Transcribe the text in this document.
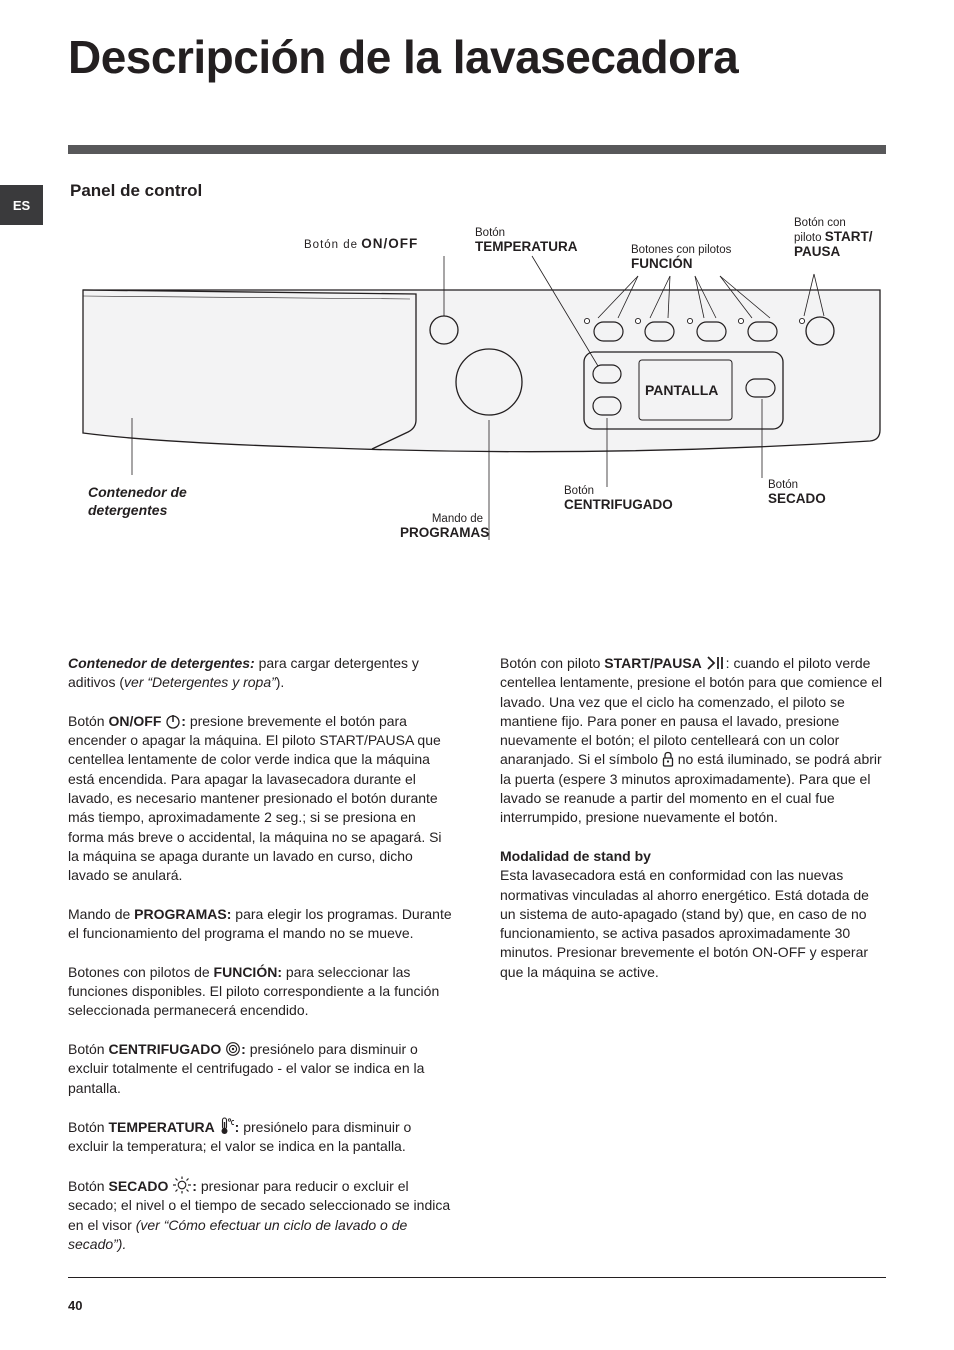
Descripción de la lavasecadora
ES
Panel de control
Botón de ON/OFF
Botón
TEMPERATURA	Botones con pilotos
FUNCIÓN
Botón con
piloto START/
PAUSA
PANTALLA
Contenedor de
detergentes
Mando de
PROGRAMAS
Botón
CENTRIFUGADO
Botón
SECADO

Contenedor de detergentes: para cargar detergentes y aditivos (ver “Detergentes y ropa”).

Botón ON/OFF : presione brevemente el botón para encender o apagar la máquina. El piloto START/PAUSA que centellea lentamente de color verde indica que la máquina está encendida. Para apagar la lavasecadora durante el lavado, es necesario mantener presionado el botón durante más tiempo, aproximadamente 2 seg.; si se presiona en forma más breve o accidental, la máquina no se apagará. Si la máquina se apaga durante un lavado en curso, dicho lavado se anulará.

Mando de PROGRAMAS: para elegir los programas. Durante el funcionamiento del programa el mando no se mueve.

Botones con pilotos de FUNCIÓN: para seleccionar las funciones disponibles. El piloto correspondiente a la función seleccionada permanecerá encendido.

Botón CENTRIFUGADO : presiónelo para disminuir o excluir totalmente el centrifugado - el valor se indica en la pantalla.

Botón TEMPERATURA : presiónelo para disminuir o excluir la temperatura; el valor se indica en la pantalla.

Botón SECADO : presionar para reducir o excluir el secado; el nivel o el tiempo de secado seleccionado se indica en el visor (ver “Cómo efectuar un ciclo de lavado o de secado”).

Botón con piloto START/PAUSA : cuando el piloto verde centellea lentamente, presione el botón para que comience el lavado. Una vez que el ciclo ha comenzado, el piloto se mantiene fijo. Para poner en pausa el lavado, presione nuevamente el botón; el piloto centelleará con un color anaranjado. Si el símbolo  no está iluminado, se podrá abrir la puerta (espere 3 minutos aproximadamente). Para que el lavado se reanude a partir del momento en el cual fue interrumpido, presione nuevamente el botón.

Modalidad de stand by
Esta lavasecadora está en conformidad con las nuevas normativas vinculadas al ahorro energético. Está dotada de un sistema de auto-apagado (stand by) que, en caso de no funcionamiento, se activa pasados aproximadamente 30 minutos. Presionar brevemente el botón ON-OFF y esperar que la máquina se active.

40
